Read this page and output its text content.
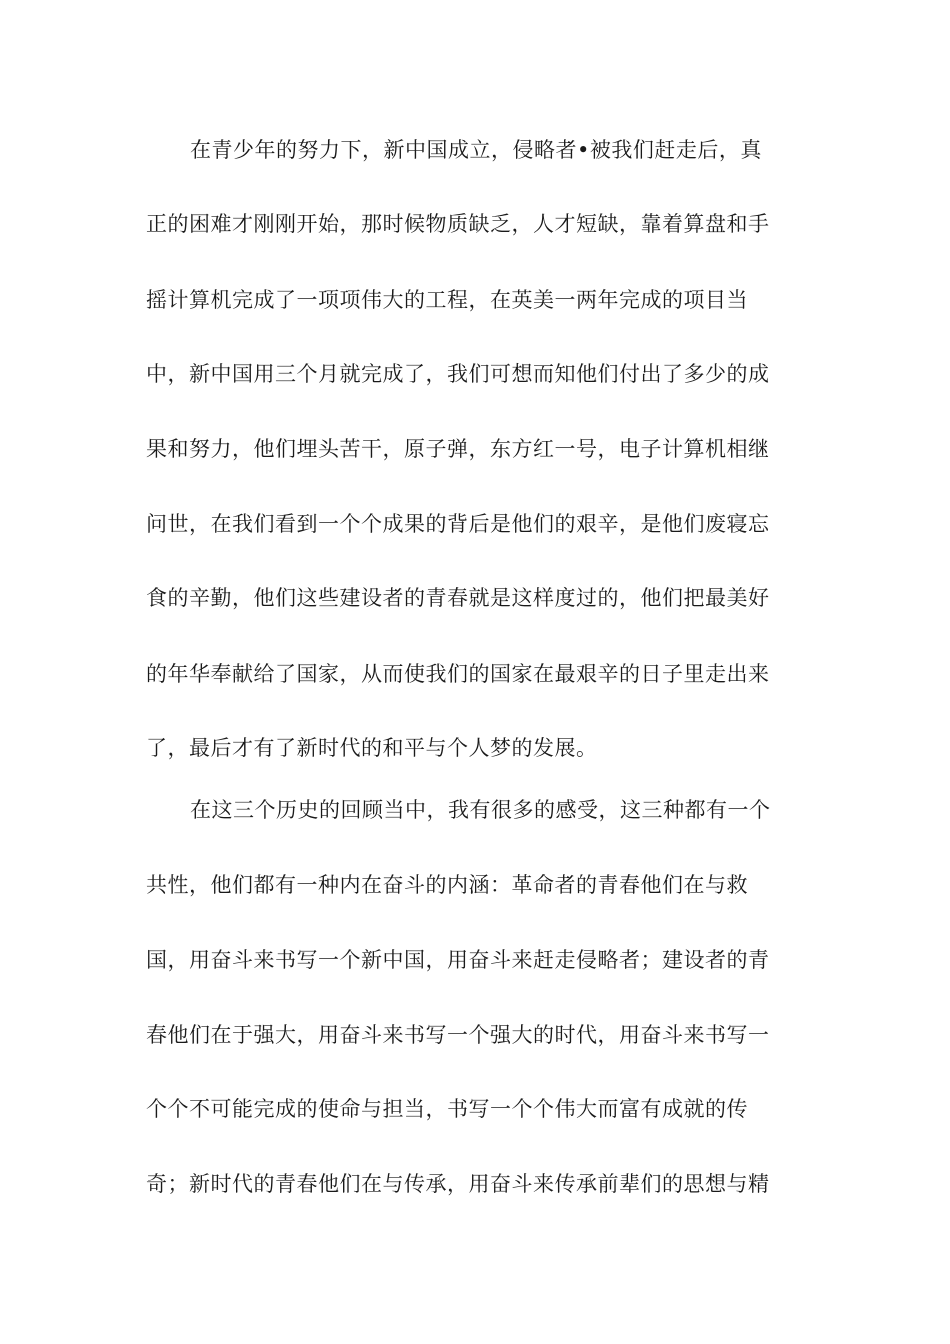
在青少年的努力下，新中国成立，侵略者•被我们赶走后，真
正的困难才刚刚开始，那时候物质缺乏，人才短缺，靠着算盘和手
摇计算机完成了一项项伟大的工程，在英美一两年完成的项目当
中，新中国用三个月就完成了，我们可想而知他们付出了多少的成
果和努力，他们埋头苦干，原子弹，东方红一号，电子计算机相继
问世，在我们看到一个个成果的背后是他们的艰辛，是他们废寝忘
食的辛勤，他们这些建设者的青春就是这样度过的，他们把最美好
的年华奉献给了国家，从而使我们的国家在最艰辛的日子里走出来
了，最后才有了新时代的和平与个人梦的发展。
在这三个历史的回顾当中，我有很多的感受，这三种都有一个
共性，他们都有一种内在奋斗的内涵：革命者的青春他们在与救
国，用奋斗来书写一个新中国，用奋斗来赶走侵略者；建设者的青
春他们在于强大，用奋斗来书写一个强大的时代，用奋斗来书写一
个个不可能完成的使命与担当，书写一个个伟大而富有成就的传
奇；新时代的青春他们在与传承，用奋斗来传承前辈们的思想与精
